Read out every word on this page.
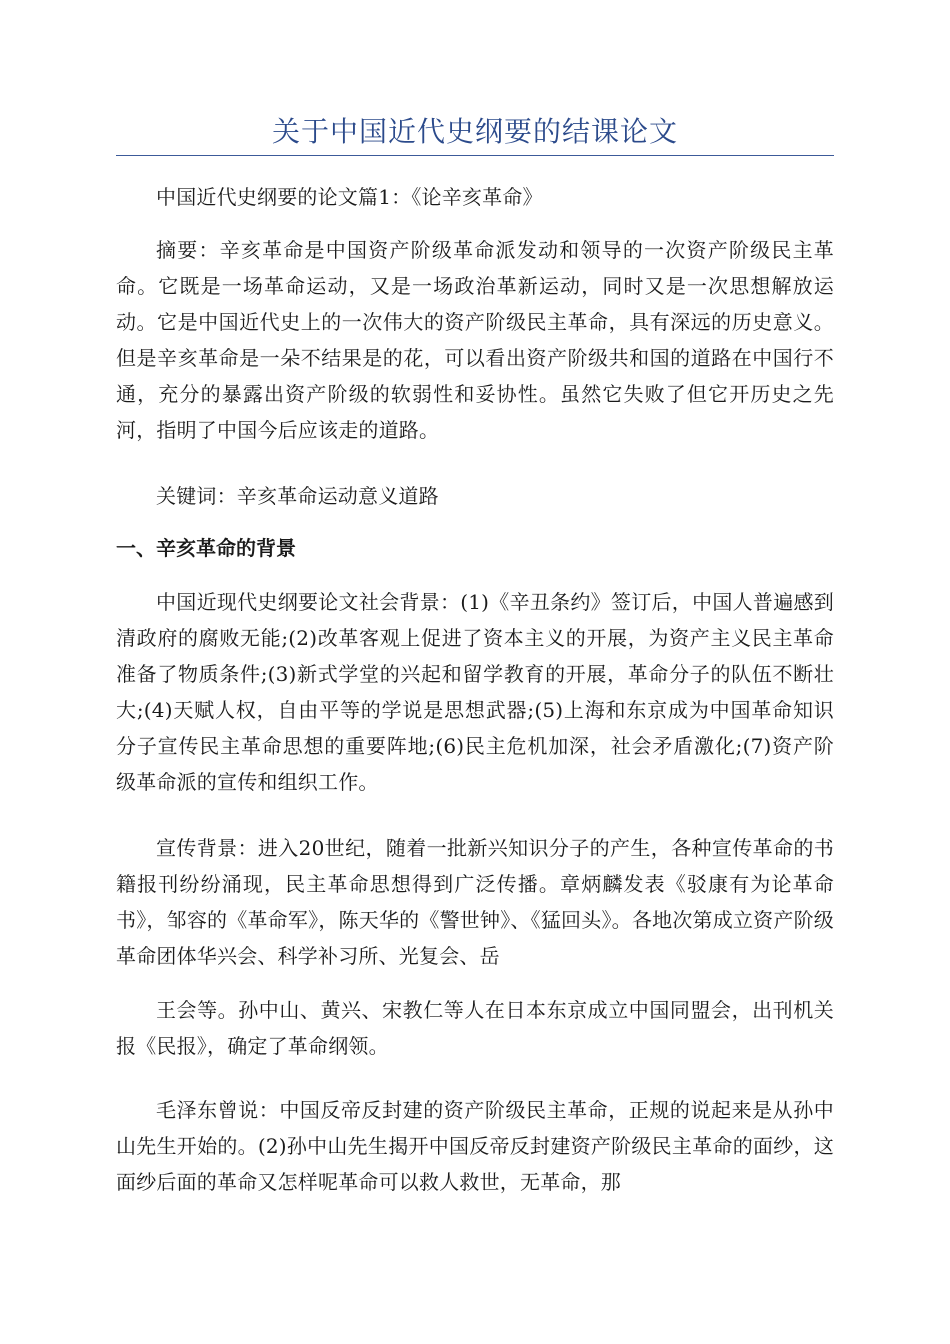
关于中国近代史纲要的结课论文

中国近代史纲要的论文篇1：《论辛亥革命》

摘要：辛亥革命是中国资产阶级革命派发动和领导的一次资产阶级民主革命。它既是一场革命运动，又是一场政治革新运动，同时又是一次思想解放运动。它是中国近代史上的一次伟大的资产阶级民主革命，具有深远的历史意义。但是辛亥革命是一朵不结果是的花，可以看出资产阶级共和国的道路在中国行不通，充分的暴露出资产阶级的软弱性和妥协性。虽然它失败了但它开历史之先河，指明了中国今后应该走的道路。

关键词：辛亥革命运动意义道路

一、辛亥革命的背景

中国近现代史纲要论文社会背景：(1)《辛丑条约》签订后，中国人普遍感到清政府的腐败无能;(2)改革客观上促进了资本主义的开展，为资产主义民主革命准备了物质条件;(3)新式学堂的兴起和留学教育的开展，革命分子的队伍不断壮大;(4)天赋人权，自由平等的学说是思想武器;(5)上海和东京成为中国革命知识分子宣传民主革命思想的重要阵地;(6)民主危机加深，社会矛盾激化;(7)资产阶级革命派的宣传和组织工作。

宣传背景：进入20世纪，随着一批新兴知识分子的产生，各种宣传革命的书籍报刊纷纷涌现，民主革命思想得到广泛传播。章炳麟发表《驳康有为论革命书》，邹容的《革命军》，陈天华的《警世钟》、《猛回头》。各地次第成立资产阶级革命团体华兴会、科学补习所、光复会、岳

王会等。孙中山、黄兴、宋教仁等人在日本东京成立中国同盟会，出刊机关报《民报》，确定了革命纲领。

毛泽东曾说：中国反帝反封建的资产阶级民主革命，正规的说起来是从孙中山先生开始的。(2)孙中山先生揭开中国反帝反封建资产阶级民主革命的面纱，这面纱后面的革命又怎样呢革命可以救人救世，无革命，那
